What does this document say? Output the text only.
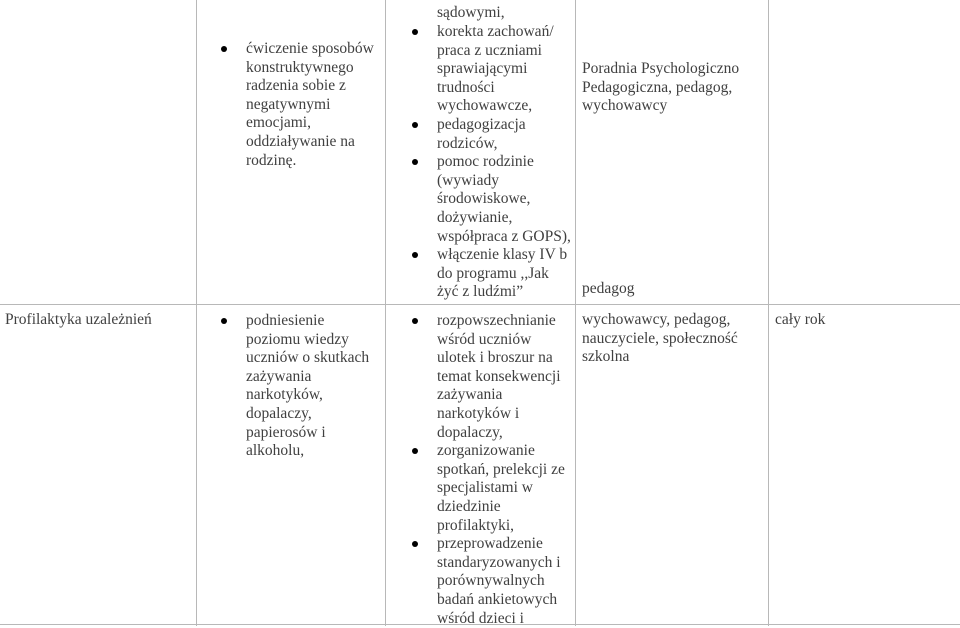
ćwiczenie sposobów
konstruktywnego
radzenia sobie z
negatywnymi
emocjami,
oddziaływanie na
rodzinę.
sądowymi,
korekta zachowań/
praca z uczniami
sprawiającymi
trudności
wychowawcze,
pedagogizacja
rodziców,
pomoc rodzinie
(wywiady
środowiskowe,
dożywianie,
współpraca z GOPS),
włączenie klasy IV b
do programu ,,Jak
żyć z ludźmi”
Poradnia Psychologiczno
Pedagogiczna, pedagog,
wychowawcy
pedagog
Profilaktyka uzależnień	podniesienie
poziomu wiedzy
uczniów o skutkach
zażywania
narkotyków,
dopalaczy,
papierosów i
alkoholu,
rozpowszechnianie
wśród uczniów
ulotek i broszur na
temat konsekwencji
zażywania
narkotyków i
dopalaczy,
zorganizowanie
spotkań, prelekcji ze
specjalistami w
dziedzinie
profilaktyki,
przeprowadzenie
standaryzowanych i
porównywalnych
badań ankietowych
wśród dzieci i
wychowawcy, pedagog,
nauczyciele, społeczność
szkolna
cały rok
